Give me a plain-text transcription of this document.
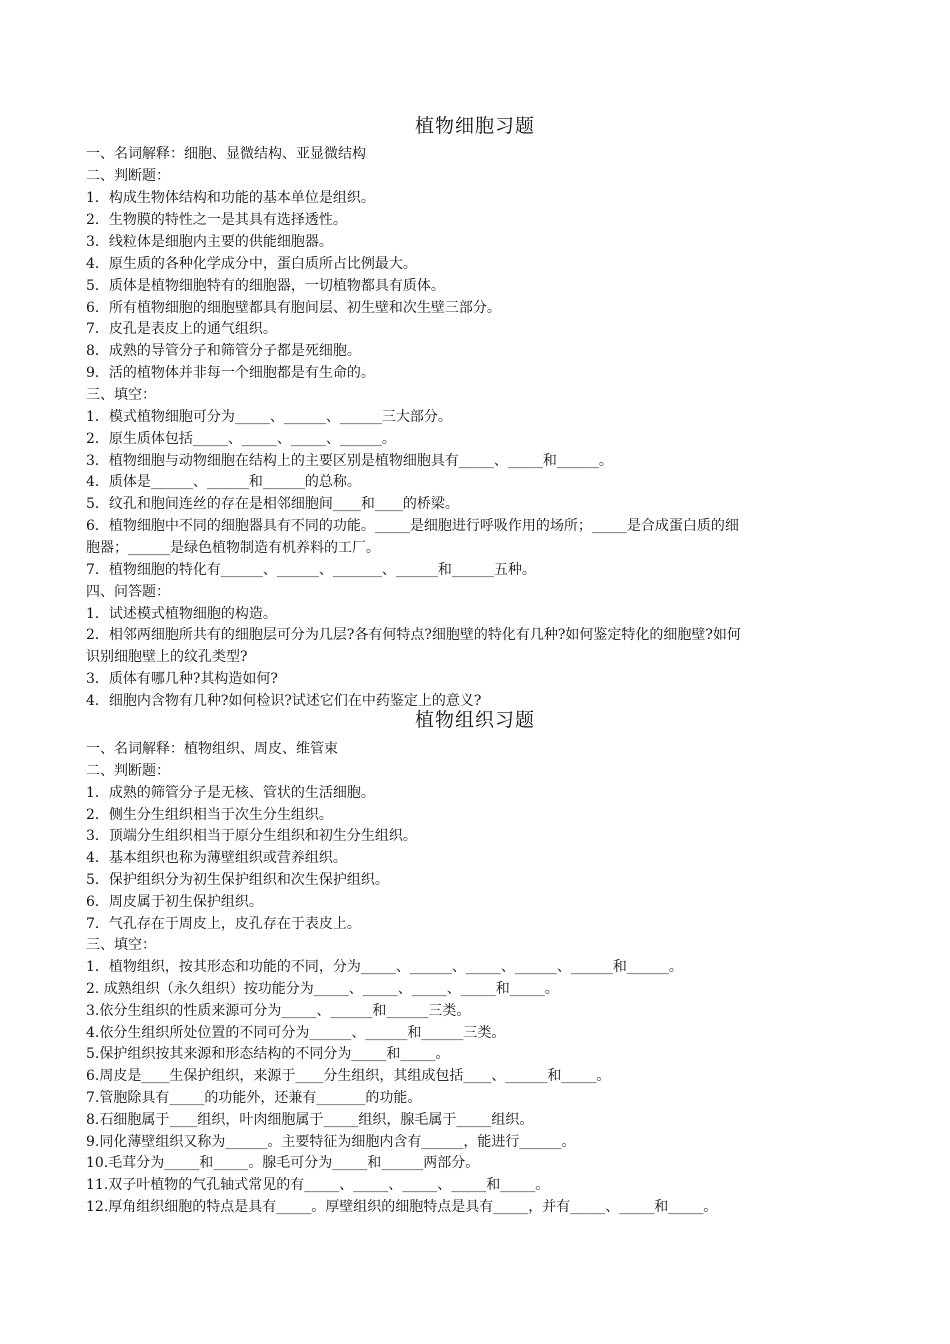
植物细胞习题
一、名词解释：细胞、显微结构、亚显微结构
二、判断题：
1．构成生物体结构和功能的基本单位是组织。
2．生物膜的特性之一是其具有选择透性。
3．线粒体是细胞内主要的供能细胞器。
4．原生质的各种化学成分中，蛋白质所占比例最大。
5．质体是植物细胞特有的细胞器，一切植物都具有质体。
6．所有植物细胞的细胞壁都具有胞间层、初生壁和次生壁三部分。
7．皮孔是表皮上的通气组织。
8．成熟的导管分子和筛管分子都是死细胞。
9．活的植物体并非每一个细胞都是有生命的。
三、填空：
1．模式植物细胞可分为_____、______、______三大部分。
2．原生质体包括_____、_____、_____、______。
3．植物细胞与动物细胞在结构上的主要区别是植物细胞具有_____、_____和______。
4．质体是______、______和______的总称。
5．纹孔和胞间连丝的存在是相邻细胞间____和____的桥梁。
6．植物细胞中不同的细胞器具有不同的功能。_____是细胞进行呼吸作用的场所；_____是合成蛋白质的细
胞器；______是绿色植物制造有机养料的工厂。
7．植物细胞的特化有______、______、_______、______和______五种。
四、问答题：
1．试述模式植物细胞的构造。
2．相邻两细胞所共有的细胞层可分为几层?各有何特点?细胞壁的特化有几种?如何鉴定特化的细胞壁?如何
识别细胞壁上的纹孔类型?
3．质体有哪几种?其构造如何?
4．细胞内含物有几种?如何检识?试述它们在中药鉴定上的意义?
植物组织习题
一、名词解释：植物组织、周皮、维管束
二、判断题：
1．成熟的筛管分子是无核、管状的生活细胞。
2．侧生分生组织相当于次生分生组织。
3．顶端分生组织相当于原分生组织和初生分生组织。
4．基本组织也称为薄壁组织或营养组织。
5．保护组织分为初生保护组织和次生保护组织。
6．周皮属于初生保护组织。
7．气孔存在于周皮上，皮孔存在于表皮上。
三、填空：
1．植物组织，按其形态和功能的不同，分为_____、______、_____、______、______和______。
2. 成熟组织（永久组织）按功能分为_____、_____、_____、_____和_____。
3.依分生组织的性质来源可分为_____、______和______三类。
4.依分生组织所处位置的不同可分为______、______和______三类。
5.保护组织按其来源和形态结构的不同分为_____和_____。
6.周皮是____生保护组织，来源于____分生组织，其组成包括____、______和_____。
7.管胞除具有_____的功能外，还兼有_______的功能。
8.石细胞属于____组织，叶肉细胞属于_____组织，腺毛属于_____组织。
9.同化薄壁组织又称为______。主要特征为细胞内含有______，能进行______。
10.毛茸分为_____和_____。腺毛可分为_____和______两部分。
11.双子叶植物的气孔轴式常见的有_____、_____、_____、_____和_____。
12.厚角组织细胞的特点是具有_____。厚壁组织的细胞特点是具有_____，并有_____、_____和_____。
